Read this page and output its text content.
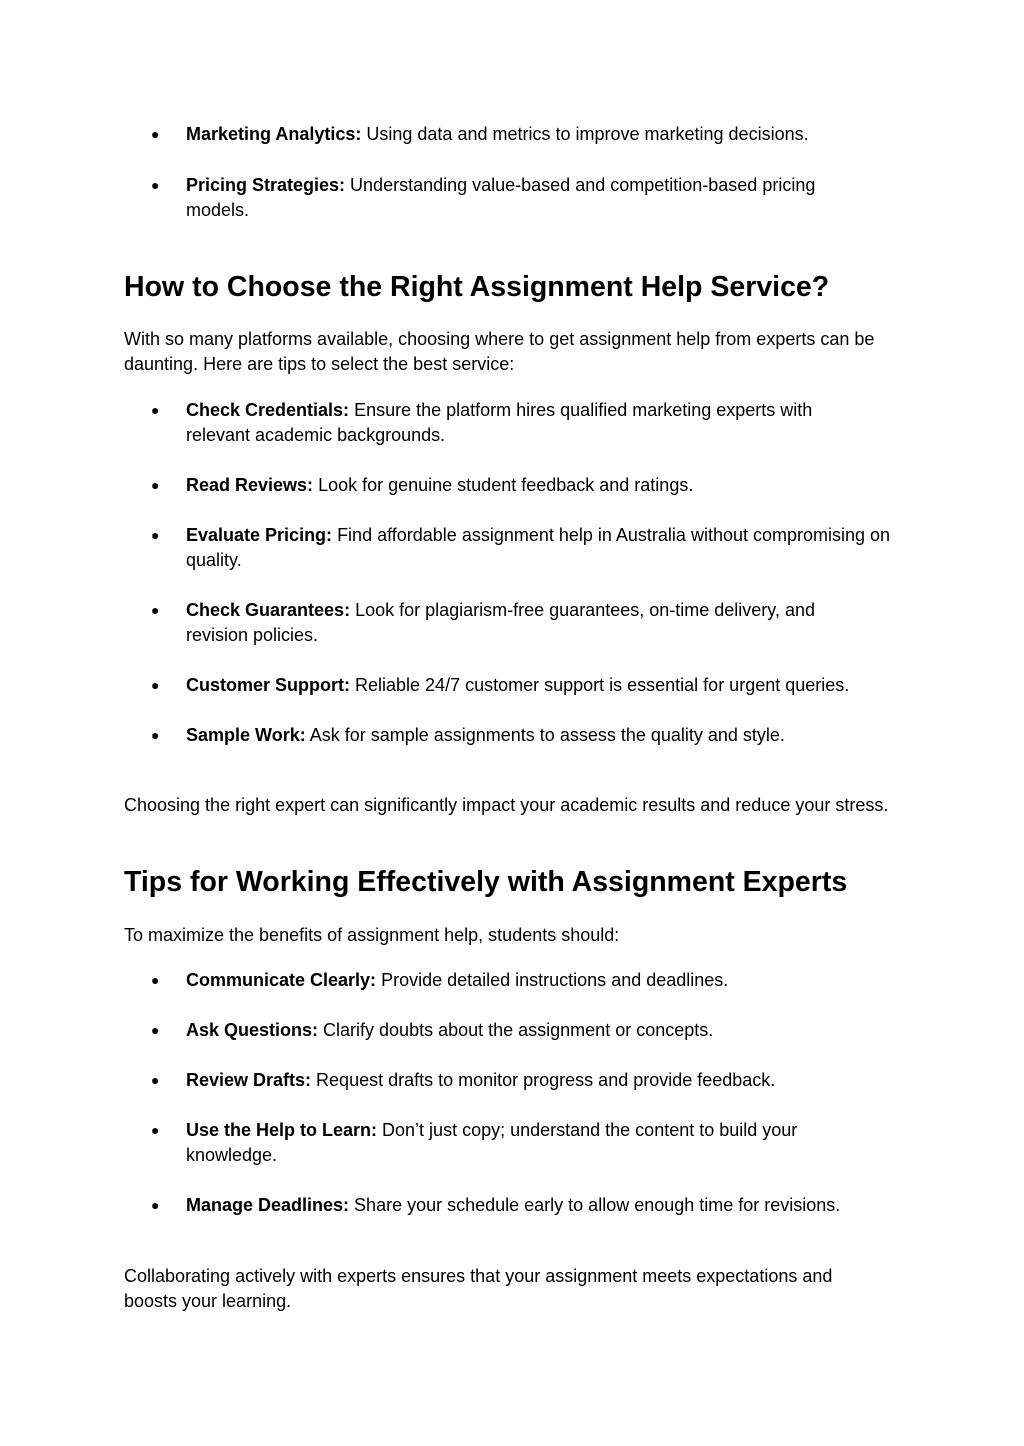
● Marketing Analytics: Using data and metrics to improve marketing decisions.
● Pricing Strategies: Understanding value-based and competition-based pricing models.
How to Choose the Right Assignment Help Service?
With so many platforms available, choosing where to get assignment help from experts can be daunting. Here are tips to select the best service:
● Check Credentials: Ensure the platform hires qualified marketing experts with relevant academic backgrounds.
● Read Reviews: Look for genuine student feedback and ratings.
● Evaluate Pricing: Find affordable assignment help in Australia without compromising on quality.
● Check Guarantees: Look for plagiarism-free guarantees, on-time delivery, and revision policies.
● Customer Support: Reliable 24/7 customer support is essential for urgent queries.
● Sample Work: Ask for sample assignments to assess the quality and style.
Choosing the right expert can significantly impact your academic results and reduce your stress.
Tips for Working Effectively with Assignment Experts
To maximize the benefits of assignment help, students should:
● Communicate Clearly: Provide detailed instructions and deadlines.
● Ask Questions: Clarify doubts about the assignment or concepts.
● Review Drafts: Request drafts to monitor progress and provide feedback.
● Use the Help to Learn: Don’t just copy; understand the content to build your knowledge.
● Manage Deadlines: Share your schedule early to allow enough time for revisions.
Collaborating actively with experts ensures that your assignment meets expectations and boosts your learning.
